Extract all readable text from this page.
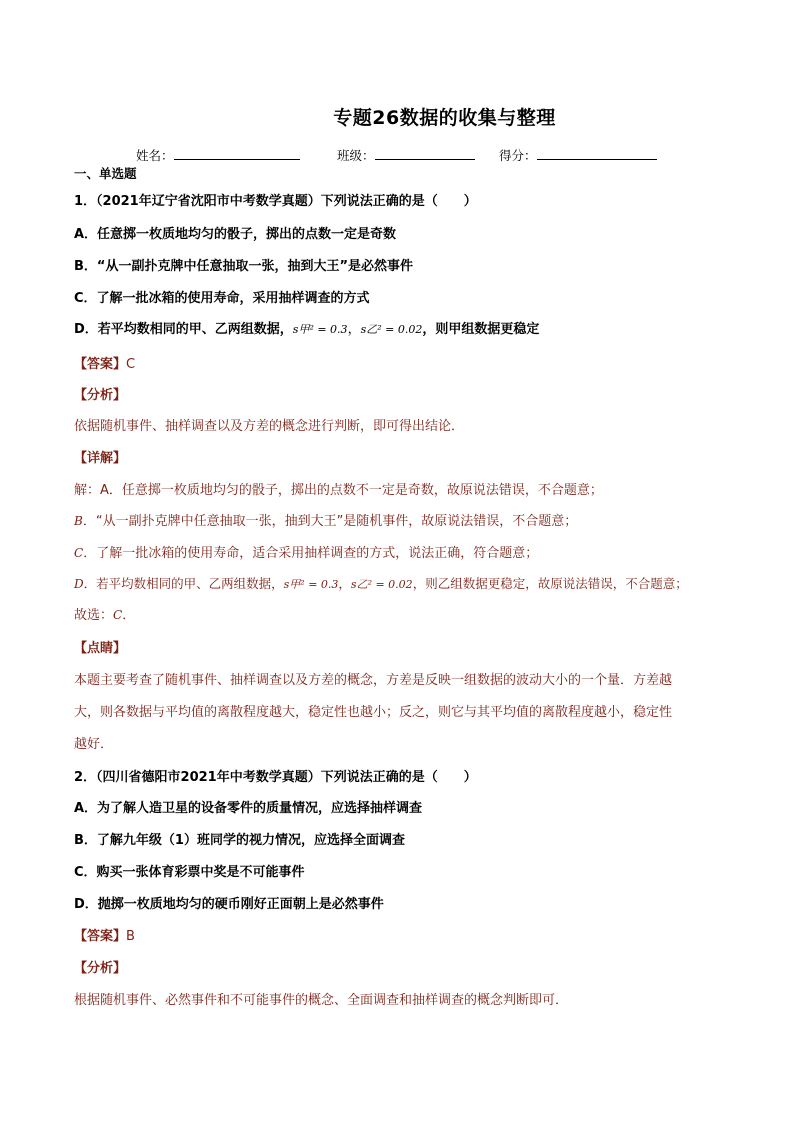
专题26数据的收集与整理
姓名：	班级：	得分：
一、单选题
1．（2021年辽宁省沈阳市中考数学真题）下列说法正确的是（　　）
A．任意掷一枚质地均匀的骰子，掷出的点数一定是奇数
B．“从一副扑克牌中任意抽取一张，抽到大王”是必然事件
C．了解一批冰箱的使用寿命，采用抽样调查的方式
D．若平均数相同的甲、乙两组数据，s甲² = 0.3，s乙² = 0.02，则甲组数据更稳定
【答案】C
【分析】
依据随机事件、抽样调查以及方差的概念进行判断，即可得出结论．
【详解】
解：A．任意掷一枚质地均匀的骰子，掷出的点数不一定是奇数，故原说法错误，不合题意；
B．“从一副扑克牌中任意抽取一张，抽到大王”是随机事件，故原说法错误，不合题意；
C．了解一批冰箱的使用寿命，适合采用抽样调查的方式，说法正确，符合题意；
D．若平均数相同的甲、乙两组数据，s甲² = 0.3，s乙² = 0.02，则乙组数据更稳定，故原说法错误，不合题意；
故选：C．
【点睛】
本题主要考查了随机事件、抽样调查以及方差的概念，方差是反映一组数据的波动大小的一个量．方差越
大，则各数据与平均值的离散程度越大，稳定性也越小；反之，则它与其平均值的离散程度越小，稳定性
越好．
2．（四川省德阳市2021年中考数学真题）下列说法正确的是（　　）
A．为了解人造卫星的设备零件的质量情况，应选择抽样调查
B．了解九年级（1）班同学的视力情况，应选择全面调查
C．购买一张体育彩票中奖是不可能事件
D．抛掷一枚质地均匀的硬币刚好正面朝上是必然事件
【答案】B
【分析】
根据随机事件、必然事件和不可能事件的概念、全面调查和抽样调查的概念判断即可．
